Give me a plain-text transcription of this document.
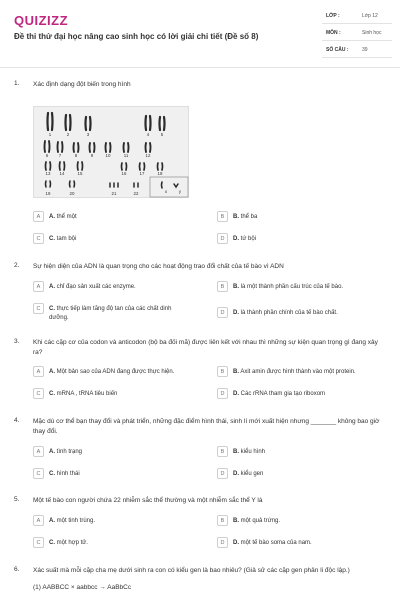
QUIZIZZ
Đề thi thử đại học nâng cao sinh học có lời giải chi tiết (Đề số 8)
LỚP :	Lớp 12
MÔN :	Sinh học
SỐ CÂU :	39
1. Xác định dạng đột biến trong hình
1	2	3	4	5
6 7	8	9	10	11	12
13 14	15	16	17	18
19	20	21	22	x	y
A	A. thể một	B	B. thể ba
C	C. tam bội	D	D. tứ bội
2. Sự hiện diện của ADN là quan trọng cho các hoạt động trao đổi chất của tế bào vì ADN
A	A. chỉ đạo sản xuất các enzyme.	B	B. là một thành phần cấu trúc của tế bào.
C	C. thực tiếp làm tăng độ tan của các chất dinh dưỡng.
D	D. là thành phần chính của tế bào chất.
3. Khi các cặp cơ của codon và anticodon (bộ ba đối mã) được liên kết với nhau thì những sự kiện quan trọng gì đang xảy ra?
A	A. Một bản sao của ADN đang được thực hiện.	B	B. Axit amin được hình thành vào một protein.
C	C. mRNA , tRNA tiêu biến	D	D. Các rRNA tham gia tạo riboxom
4. Mặc dù cơ thể bạn thay đổi và phát triển, những đặc điểm hình thái, sinh lí mới xuất hiện nhưng _______ không bao giờ thay đổi.
A	A. tình trạng	B	B. kiểu hình
C	C. hình thái	D	D. kiểu gen
5. Một tế bào con người chứa 22 nhiễm sắc thể thường và một nhiễm sắc thể Y là
A	A. một tinh trùng.	B	B. một quả trứng.
C	C. một hợp tử.	D	D. một tế bào soma của nam.
6. Xác suất mà mỗi cặp cha mẹ dưới sinh ra con có kiểu gen là bao nhiêu? (Giả sử các cặp gen phân li độc lập.)
(1) AABBCC × aabbcc → AaBbCc
